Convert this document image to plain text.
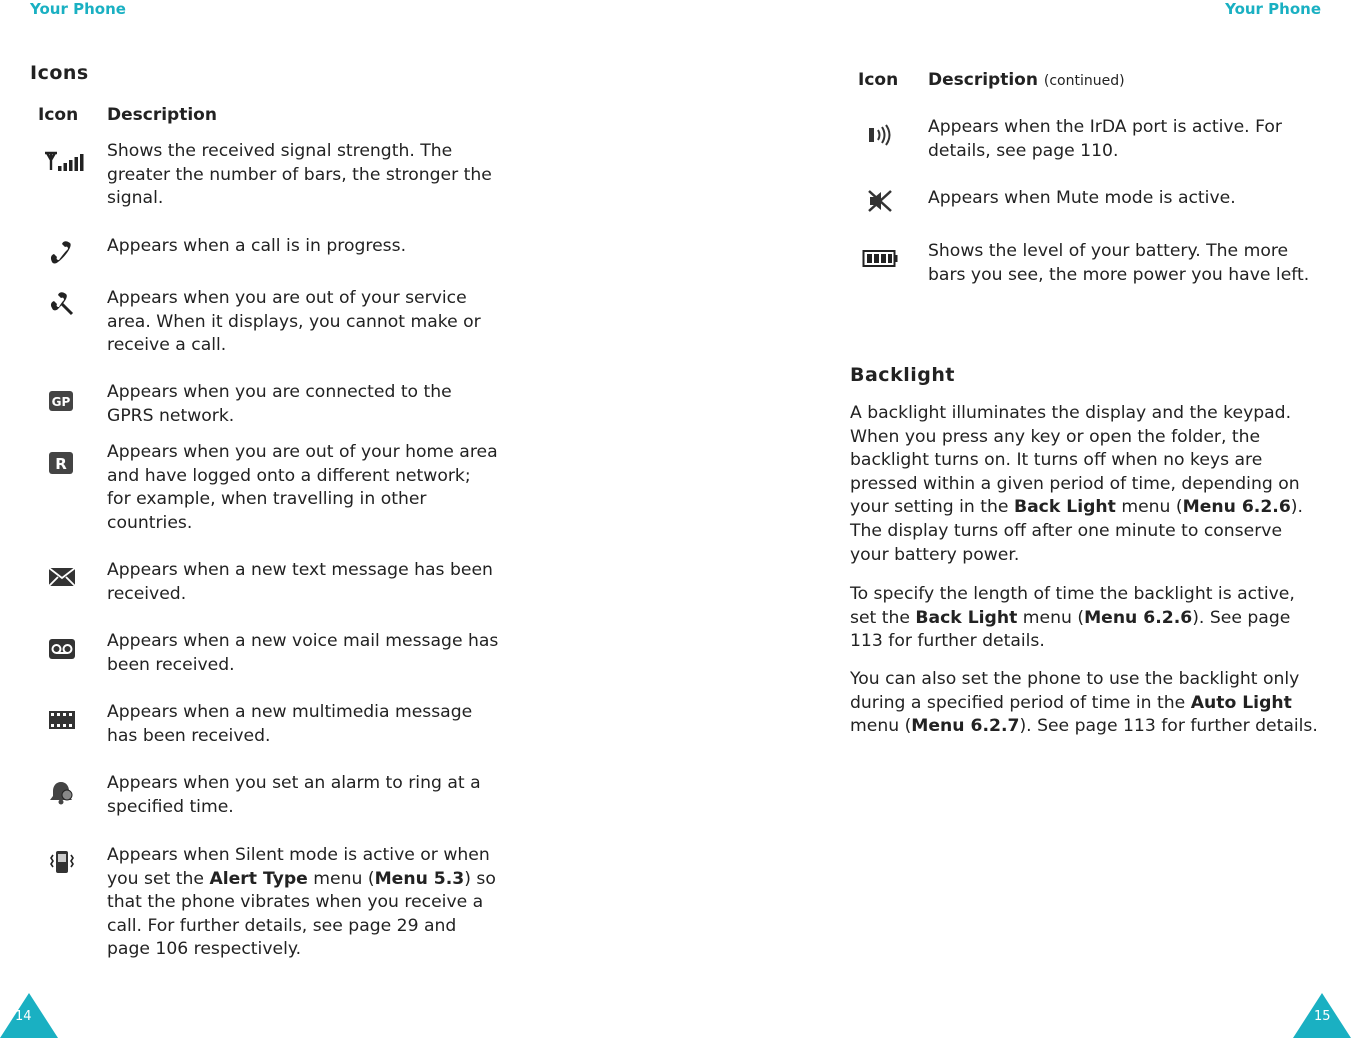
Your Phone
Icons
Icon Description
Shows the received signal strength. The greater the number of bars, the stronger the signal.
Appears when a call is in progress.
Appears when you are out of your service area. When it displays, you cannot make or receive a call.
GP Appears when you are connected to the GPRS network.
R
Appears when you are out of your home area and have logged onto a different network; for example, when travelling in other countries.
Appears when a new text message has been received.
Appears when a new voice mail message has been received.
Appears when a new multimedia message has been received.
Appears when you set an alarm to ring at a specified time.
Appears when Silent mode is active or when you set the Alert Type menu (Menu 5.3) so that the phone vibrates when you receive a call. For further details, see page 29 and page 106 respectively.
14
Your Phone
Icon Description (continued)
Appears when the IrDA port is active. For details, see page 110.
Appears when Mute mode is active.
Shows the level of your battery. The more bars you see, the more power you have left.
Backlight
A backlight illuminates the display and the keypad. When you press any key or open the folder, the backlight turns on. It turns off when no keys are pressed within a given period of time, depending on your setting in the Back Light menu (Menu 6.2.6). The display turns off after one minute to conserve your battery power.
To specify the length of time the backlight is active, set the Back Light menu (Menu 6.2.6). See page 113 for further details.
You can also set the phone to use the backlight only during a specified period of time in the Auto Light menu (Menu 6.2.7). See page 113 for further details.
15
